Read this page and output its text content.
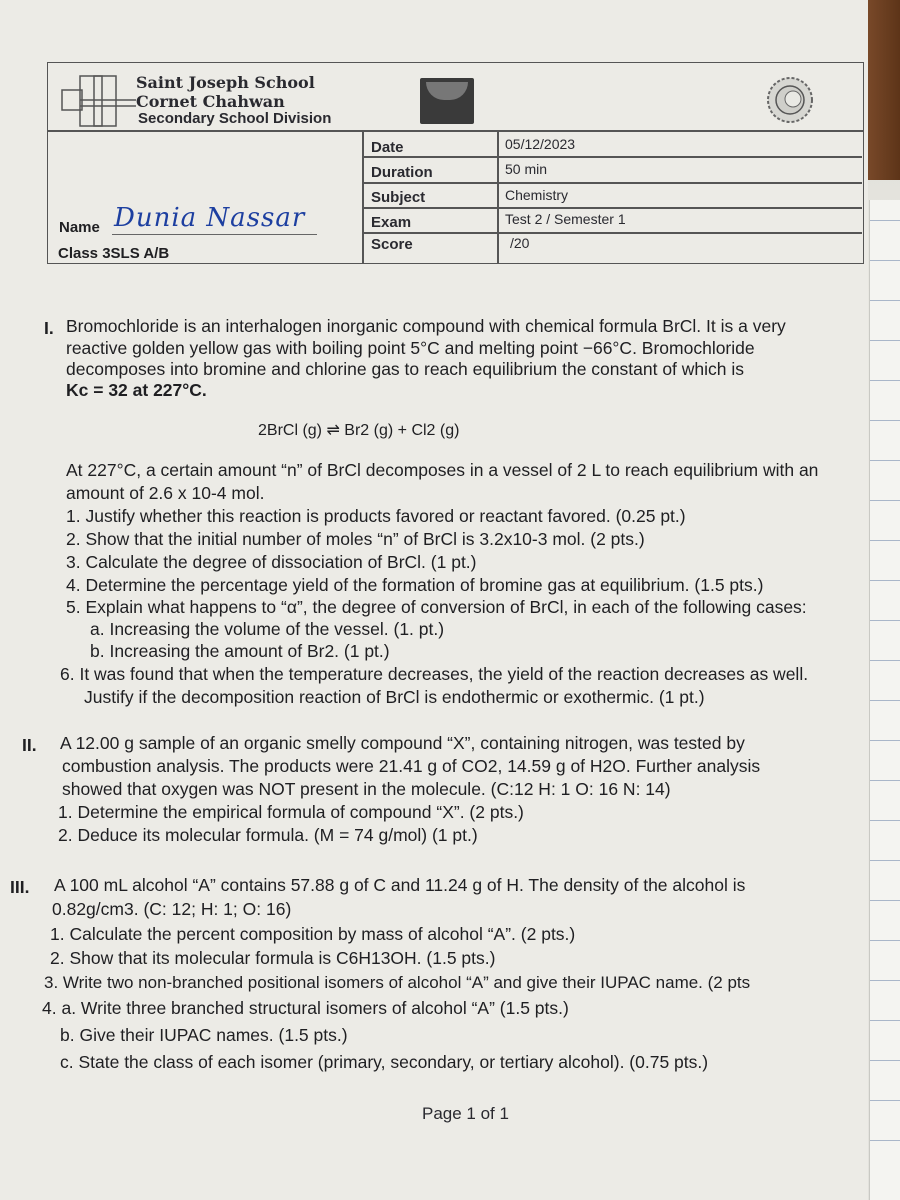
Saint Joseph School
Cornet Chahwan
Secondary School Division
Date	05/12/2023
Duration	50 min
Subject	Chemistry
Exam	Test 2 / Semester 1
Score	/20
Name Dunia Nassar
Class 3SLS A/B
I. Bromochloride is an interhalogen inorganic compound with chemical formula BrCl. It is a very
reactive golden yellow gas with boiling point 5°C and melting point −66°C. Bromochloride
decomposes into bromine and chlorine gas to reach equilibrium the constant of which is
Kc = 32 at 227°C.
2BrCl (g) ⇌ Br2 (g) + Cl2 (g)
At 227°C, a certain amount “n” of BrCl decomposes in a vessel of 2 L to reach equilibrium with an
amount of 2.6 x 10-4 mol.
1. Justify whether this reaction is products favored or reactant favored. (0.25 pt.)
2. Show that the initial number of moles “n” of BrCl is 3.2x10-3 mol. (2 pts.)
3. Calculate the degree of dissociation of BrCl. (1 pt.)
4. Determine the percentage yield of the formation of bromine gas at equilibrium. (1.5 pts.)
5. Explain what happens to “α”, the degree of conversion of BrCl, in each of the following cases:
a. Increasing the volume of the vessel. (1. pt.)
b. Increasing the amount of Br2. (1 pt.)
6. It was found that when the temperature decreases, the yield of the reaction decreases as well.
Justify if the decomposition reaction of BrCl is endothermic or exothermic. (1 pt.)
II. A 12.00 g sample of an organic smelly compound “X”, containing nitrogen, was tested by
combustion analysis. The products were 21.41 g of CO2, 14.59 g of H2O. Further analysis
showed that oxygen was NOT present in the molecule. (C:12 H: 1 O: 16 N: 14)
1. Determine the empirical formula of compound “X”. (2 pts.)
2. Deduce its molecular formula. (M = 74 g/mol) (1 pt.)
III. A 100 mL alcohol “A” contains 57.88 g of C and 11.24 g of H. The density of the alcohol is
0.82g/cm3. (C: 12; H: 1; O: 16)
1. Calculate the percent composition by mass of alcohol “A”. (2 pts.)
2. Show that its molecular formula is C6H13OH. (1.5 pts.)
3. Write two non-branched positional isomers of alcohol “A” and give their IUPAC name. (2 pts
4. a. Write three branched structural isomers of alcohol “A” (1.5 pts.)
b. Give their IUPAC names. (1.5 pts.)
c. State the class of each isomer (primary, secondary, or tertiary alcohol). (0.75 pts.)
Page 1 of 1
